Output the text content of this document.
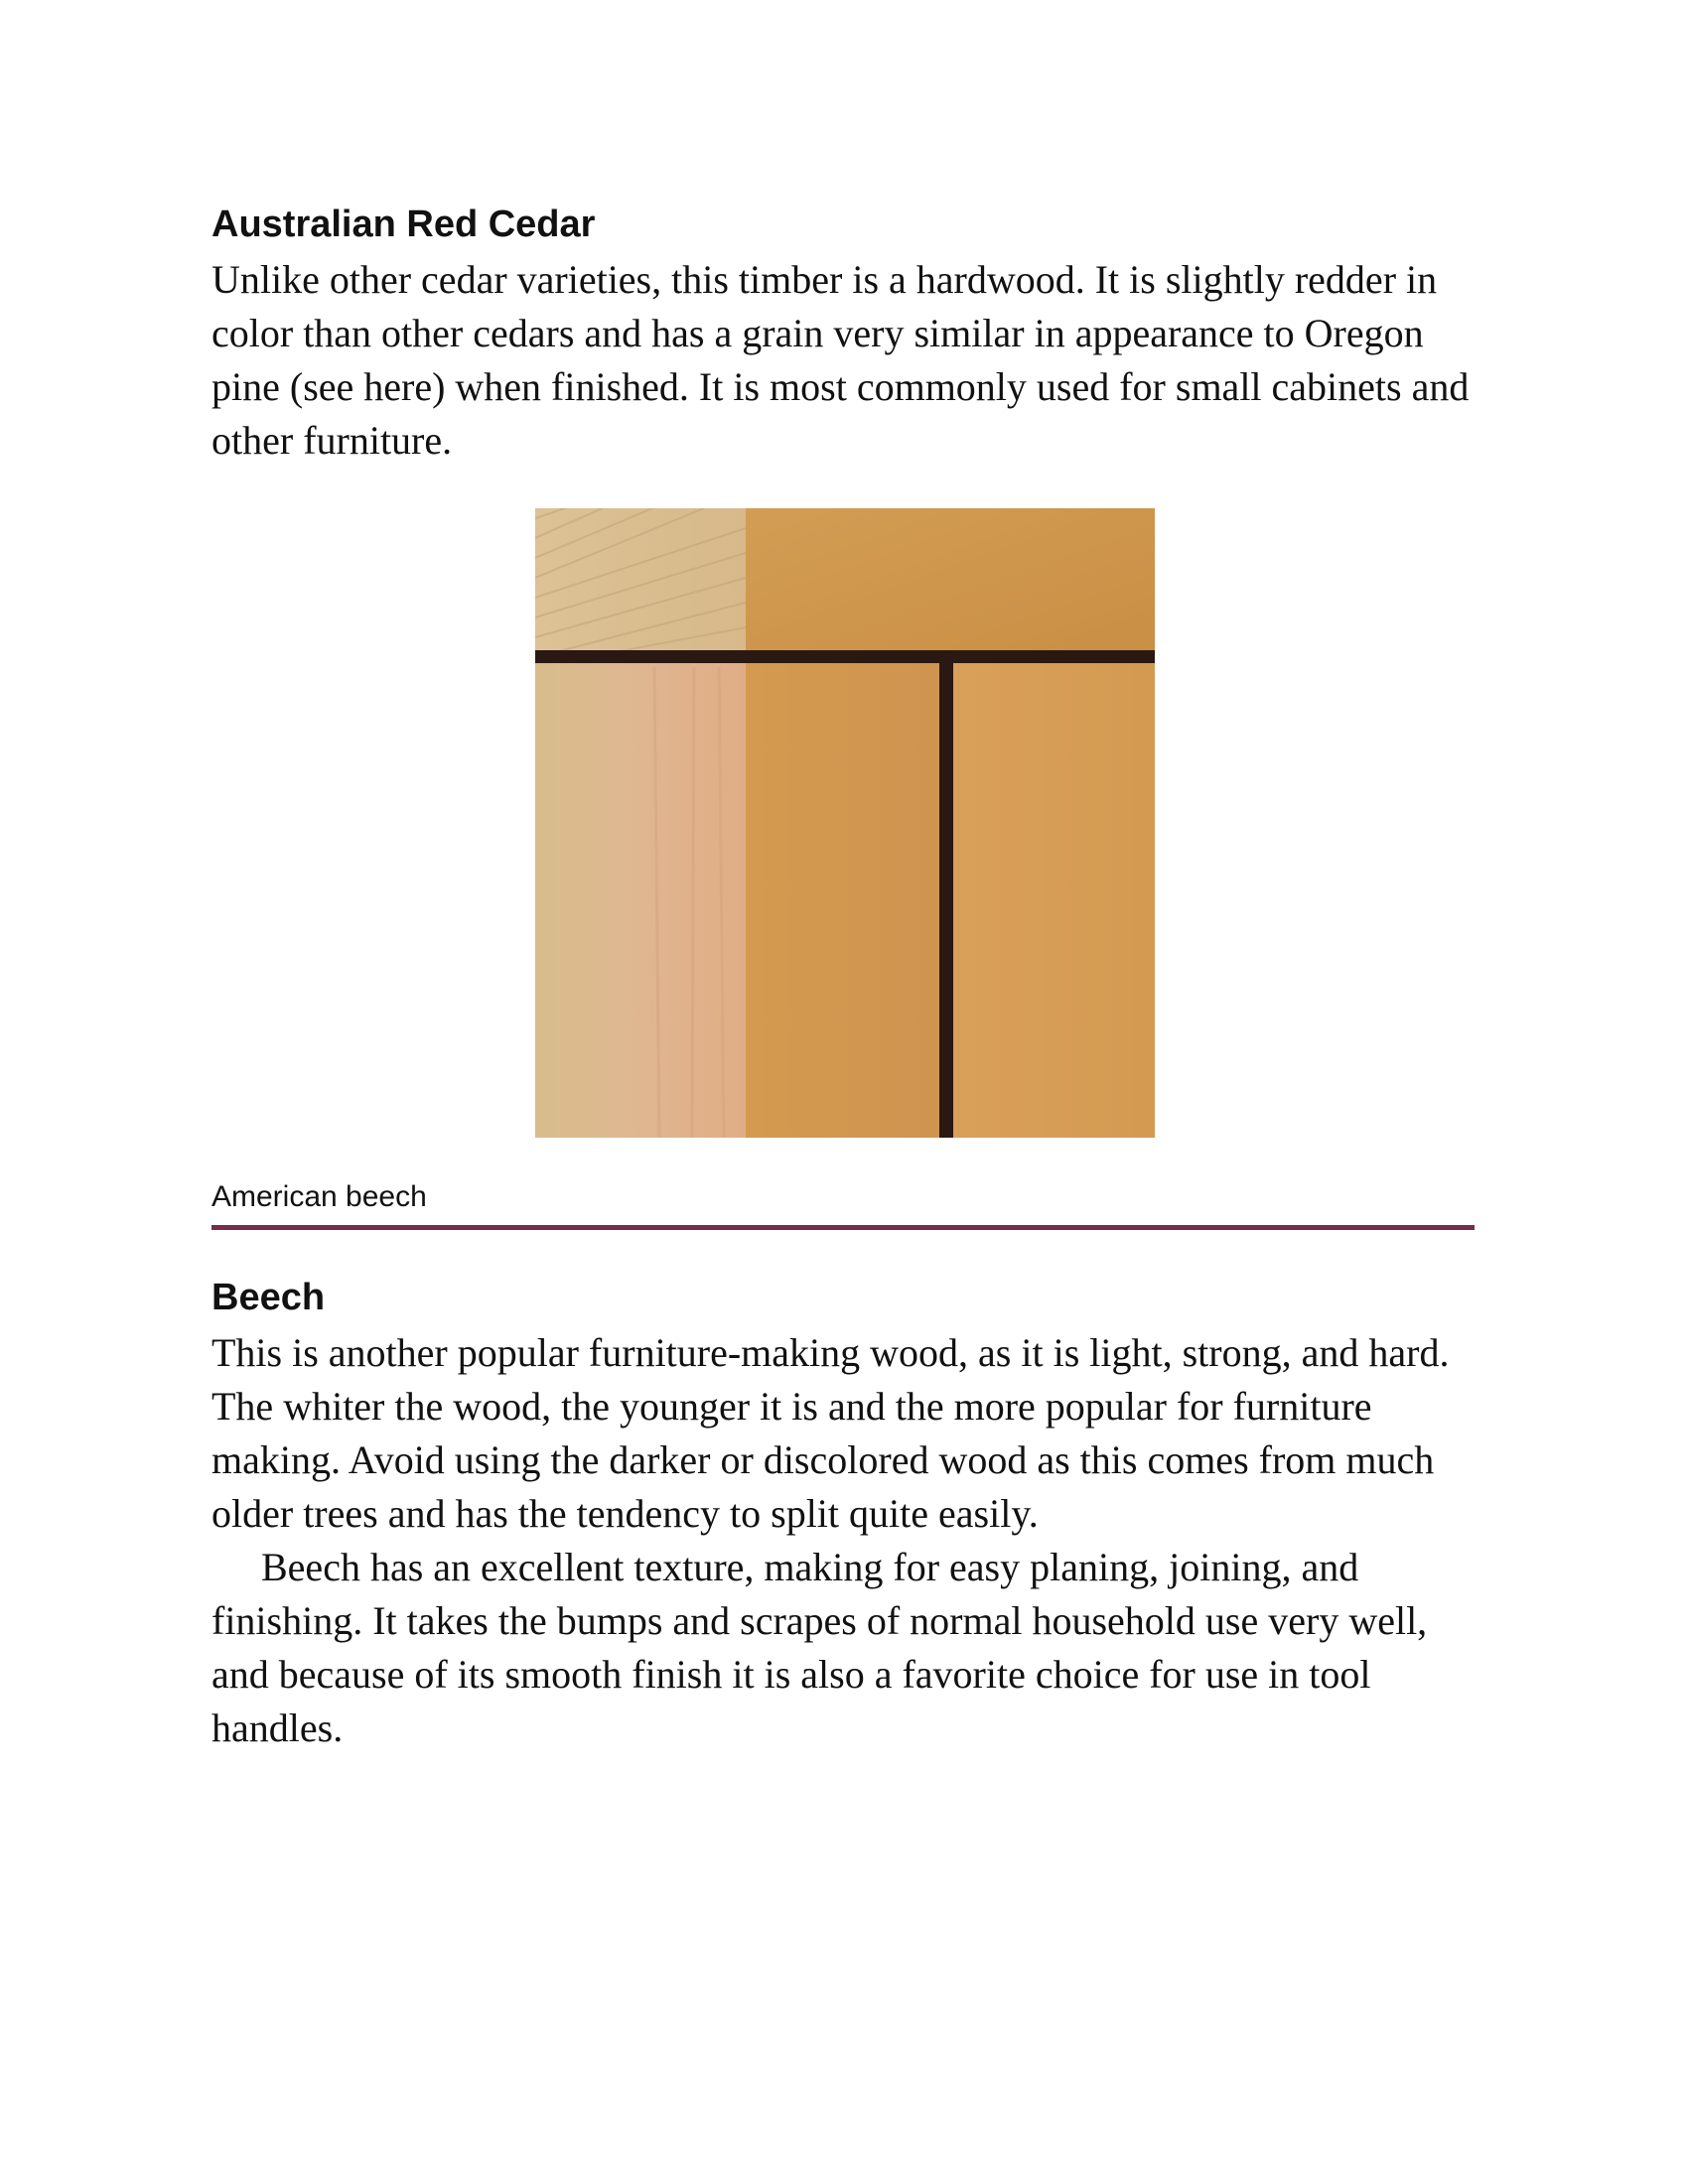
Australian Red Cedar

Unlike other cedar varieties, this timber is a hardwood. It is slightly redder in color than other cedars and has a grain very similar in appearance to Oregon pine (see here) when finished. It is most commonly used for small cabinets and other furniture.

American beech

Beech

This is another popular furniture-making wood, as it is light, strong, and hard. The whiter the wood, the younger it is and the more popular for furniture making. Avoid using the darker or discolored wood as this comes from much older trees and has the tendency to split quite easily.

Beech has an excellent texture, making for easy planing, joining, and finishing. It takes the bumps and scrapes of normal household use very well, and because of its smooth finish it is also a favorite choice for use in tool handles.
